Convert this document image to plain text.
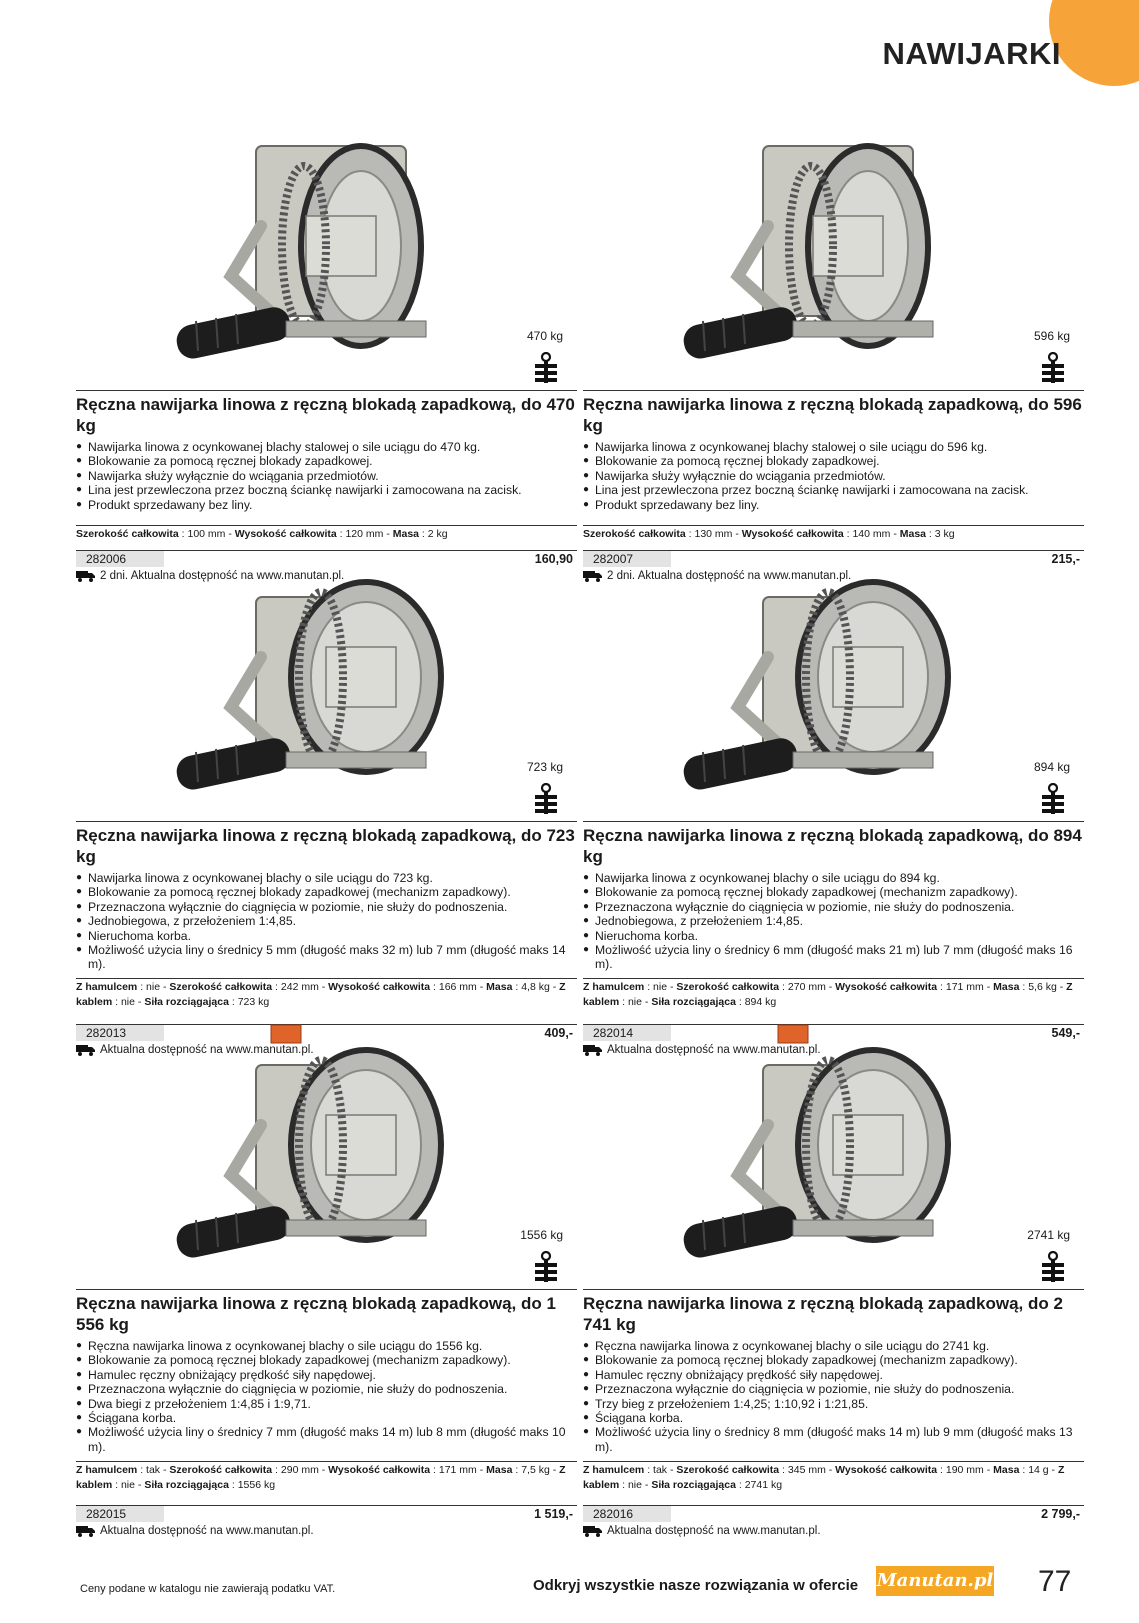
NAWIJARKI
470 kg
Ręczna nawijarka linowa z ręczną blokadą zapadkową, do 470 kg
● Nawijarka linowa z ocynkowanej blachy stalowej o sile uciągu do 470 kg.
● Blokowanie za pomocą ręcznej blokady zapadkowej.
● Nawijarka służy wyłącznie do wciągania przedmiotów.
● Lina jest przewleczona przez boczną ściankę nawijarki i zamocowana na zacisk.
● Produkt sprzedawany bez liny.
Szerokość całkowita : 100 mm - Wysokość całkowita : 120 mm - Masa : 2 kg
282006	160,90
2 dni. Aktualna dostępność na www.manutan.pl.
596 kg
Ręczna nawijarka linowa z ręczną blokadą zapadkową, do 596 kg
● Nawijarka linowa z ocynkowanej blachy stalowej o sile uciągu do 596 kg.
● Blokowanie za pomocą ręcznej blokady zapadkowej.
● Nawijarka służy wyłącznie do wciągania przedmiotów.
● Lina jest przewleczona przez boczną ściankę nawijarki i zamocowana na zacisk.
● Produkt sprzedawany bez liny.
Szerokość całkowita : 130 mm - Wysokość całkowita : 140 mm - Masa : 3 kg
282007	215,-
2 dni. Aktualna dostępność na www.manutan.pl.
723 kg
Ręczna nawijarka linowa z ręczną blokadą zapadkową, do 723 kg
● Nawijarka linowa z ocynkowanej blachy o sile uciągu do 723 kg.
● Blokowanie za pomocą ręcznej blokady zapadkowej (mechanizm zapadkowy).
● Przeznaczona wyłącznie do ciągnięcia w poziomie, nie służy do podnoszenia.
● Jednobiegowa, z przełożeniem 1:4,85.
● Nieruchoma korba.
● Możliwość użycia liny o średnicy 5 mm (długość maks 32 m) lub 7 mm (długość maks 14 m).
Z hamulcem : nie - Szerokość całkowita : 242 mm - Wysokość całkowita : 166 mm - Masa : 4,8 kg - Z kablem : nie - Siła rozciągająca : 723 kg
282013	409,-
Aktualna dostępność na www.manutan.pl.
894 kg
Ręczna nawijarka linowa z ręczną blokadą zapadkową, do 894 kg
● Nawijarka linowa z ocynkowanej blachy o sile uciągu do 894 kg.
● Blokowanie za pomocą ręcznej blokady zapadkowej (mechanizm zapadkowy).
● Przeznaczona wyłącznie do ciągnięcia w poziomie, nie służy do podnoszenia.
● Jednobiegowa, z przełożeniem 1:4,85.
● Nieruchoma korba.
● Możliwość użycia liny o średnicy 6 mm (długość maks 21 m) lub 7 mm (długość maks 16 m).
Z hamulcem : nie - Szerokość całkowita : 270 mm - Wysokość całkowita : 171 mm - Masa : 5,6 kg - Z kablem : nie - Siła rozciągająca : 894 kg
282014	549,-
Aktualna dostępność na www.manutan.pl.
1556 kg
Ręczna nawijarka linowa z ręczną blokadą zapadkową, do 1 556 kg
● Ręczna nawijarka linowa z ocynkowanej blachy o sile uciągu do 1556 kg.
● Blokowanie za pomocą ręcznej blokady zapadkowej (mechanizm zapadkowy).
● Hamulec ręczny obniżający prędkość siły napędowej.
● Przeznaczona wyłącznie do ciągnięcia w poziomie, nie służy do podnoszenia.
● Dwa biegi z przełożeniem 1:4,85 i 1:9,71.
● Ściągana korba.
● Możliwość użycia liny o średnicy 7 mm (długość maks 14 m) lub 8 mm (długość maks 10 m).
Z hamulcem : tak - Szerokość całkowita : 290 mm - Wysokość całkowita : 171 mm - Masa : 7,5 kg - Z kablem : nie - Siła rozciągająca : 1556 kg
282015	1 519,-
Aktualna dostępność na www.manutan.pl.
2741 kg
Ręczna nawijarka linowa z ręczną blokadą zapadkową, do 2 741 kg
● Ręczna nawijarka linowa z ocynkowanej blachy o sile uciągu do 2741 kg.
● Blokowanie za pomocą ręcznej blokady zapadkowej (mechanizm zapadkowy).
● Hamulec ręczny obniżający prędkość siły napędowej.
● Przeznaczona wyłącznie do ciągnięcia w poziomie, nie służy do podnoszenia.
● Trzy bieg z przełożeniem 1:4,25; 1:10,92 i 1:21,85.
● Ściągana korba.
● Możliwość użycia liny o średnicy 8 mm (długość maks 14 m) lub 9 mm (długość maks 13 m).
Z hamulcem : tak - Szerokość całkowita : 345 mm - Wysokość całkowita : 190 mm - Masa : 14 g - Z kablem : nie - Siła rozciągająca : 2741 kg
282016	2 799,-
Aktualna dostępność na www.manutan.pl.
Ceny podane w katalogu nie zawierają podatku VAT.	Odkryj wszystkie nasze rozwiązania w ofercie Manutan.pl 77
